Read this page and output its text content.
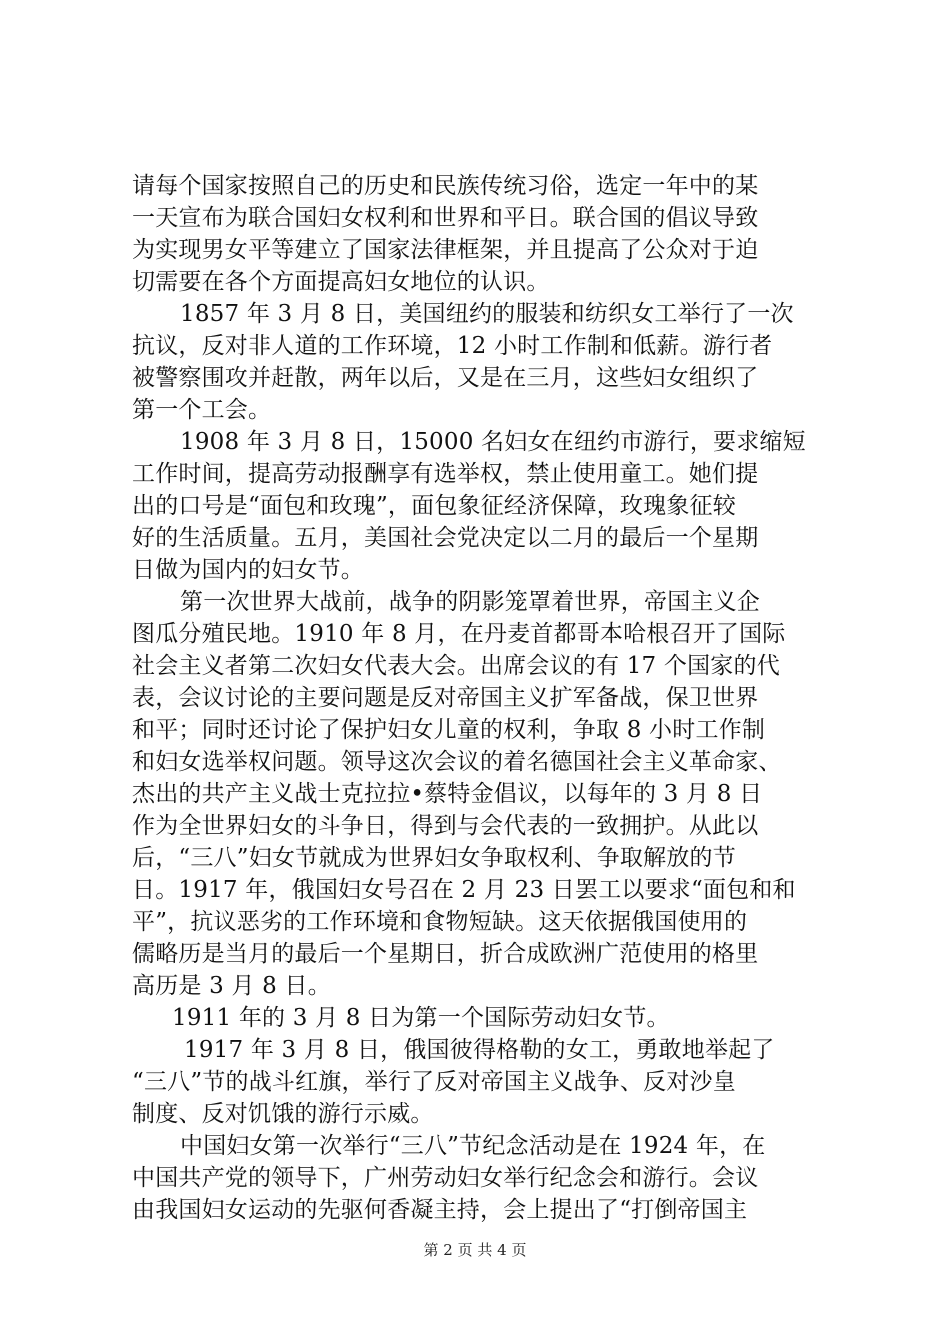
请每个国家按照自己的历史和民族传统习俗，选定一年中的某
一天宣布为联合国妇女权利和世界和平日。联合国的倡议导致
为实现男女平等建立了国家法律框架，并且提高了公众对于迫
切需要在各个方面提高妇女地位的认识。
1857 年 3 月 8 日，美国纽约的服装和纺织女工举行了一次
抗议，反对非人道的工作环境，12 小时工作制和低薪。游行者
被警察围攻并赶散，两年以后，又是在三月，这些妇女组织了
第一个工会。
1908 年 3 月 8 日，15000 名妇女在纽约市游行，要求缩短
工作时间，提高劳动报酬享有选举权，禁止使用童工。她们提
出的口号是“面包和玫瑰”，面包象征经济保障，玫瑰象征较
好的生活质量。五月，美国社会党决定以二月的最后一个星期
日做为国内的妇女节。
第一次世界大战前，战争的阴影笼罩着世界，帝国主义企
图瓜分殖民地。1910 年 8 月，在丹麦首都哥本哈根召开了国际
社会主义者第二次妇女代表大会。出席会议的有 17 个国家的代
表，会议讨论的主要问题是反对帝国主义扩军备战，保卫世界
和平；同时还讨论了保护妇女儿童的权利，争取 8 小时工作制
和妇女选举权问题。领导这次会议的着名德国社会主义革命家、
杰出的共产主义战士克拉拉•蔡特金倡议，以每年的 3 月 8 日
作为全世界妇女的斗争日，得到与会代表的一致拥护。从此以
后，“三八”妇女节就成为世界妇女争取权利、争取解放的节
日。1917 年，俄国妇女号召在 2 月 23 日罢工以要求“面包和和
平”，抗议恶劣的工作环境和食物短缺。这天依据俄国使用的
儒略历是当月的最后一个星期日，折合成欧洲广范使用的格里
高历是 3 月 8 日。
1911 年的 3 月 8 日为第一个国际劳动妇女节。
1917 年 3 月 8 日，俄国彼得格勒的女工，勇敢地举起了
“三八”节的战斗红旗，举行了反对帝国主义战争、反对沙皇
制度、反对饥饿的游行示威。
中国妇女第一次举行“三八”节纪念活动是在 1924 年，在
中国共产党的领导下，广州劳动妇女举行纪念会和游行。会议
由我国妇女运动的先驱何香凝主持，会上提出了“打倒帝国主
第 2 页 共 4 页
